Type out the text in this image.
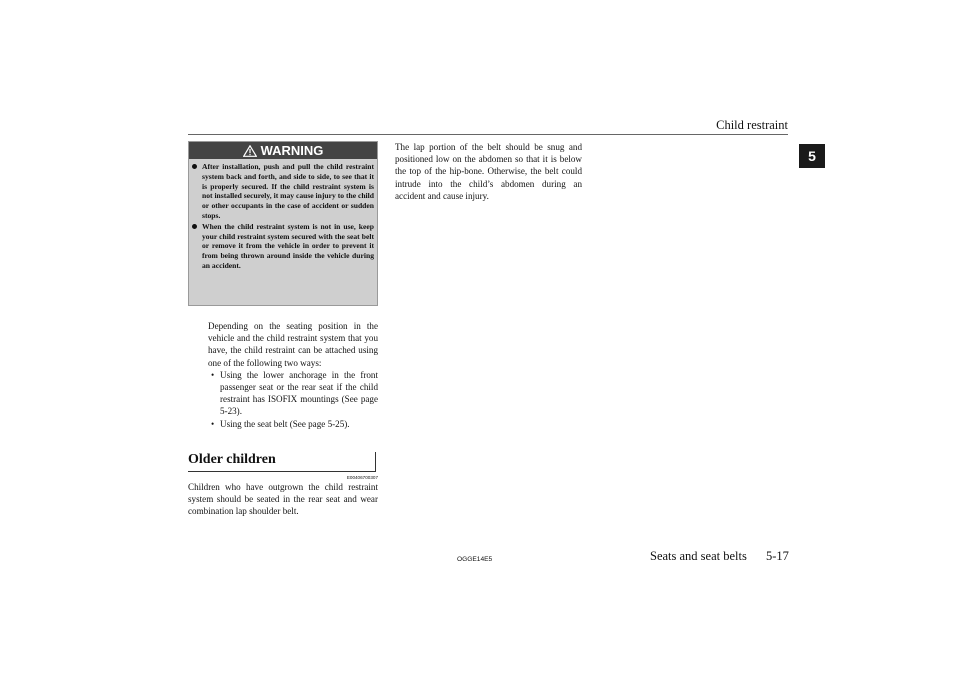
Child restraint
5
WARNING
After installation, push and pull the child restraint system back and forth, and side to side, to see that it is properly secured. If the child restraint system is not installed securely, it may cause injury to the child or other occupants in the case of accident or sudden stops.
When the child restraint system is not in use, keep your child restraint system secured with the seat belt or remove it from the vehicle in order to prevent it from being thrown around inside the vehicle during an accident.
Depending on the seating position in the vehicle and the child restraint system that you have, the child restraint can be attached using one of the following two ways:
• Using the lower anchorage in the front passenger seat or the rear seat if the child restraint has ISOFIX mountings (See page 5-23).
• Using the seat belt (See page 5-25).
Older children
E00406700307
Children who have outgrown the child restraint system should be seated in the rear seat and wear combination lap shoulder belt.
The lap portion of the belt should be snug and positioned low on the abdomen so that it is below the top of the hip-bone. Otherwise, the belt could intrude into the child’s abdomen during an accident and cause injury.
OGGE14E5	Seats and seat belts 5-17
